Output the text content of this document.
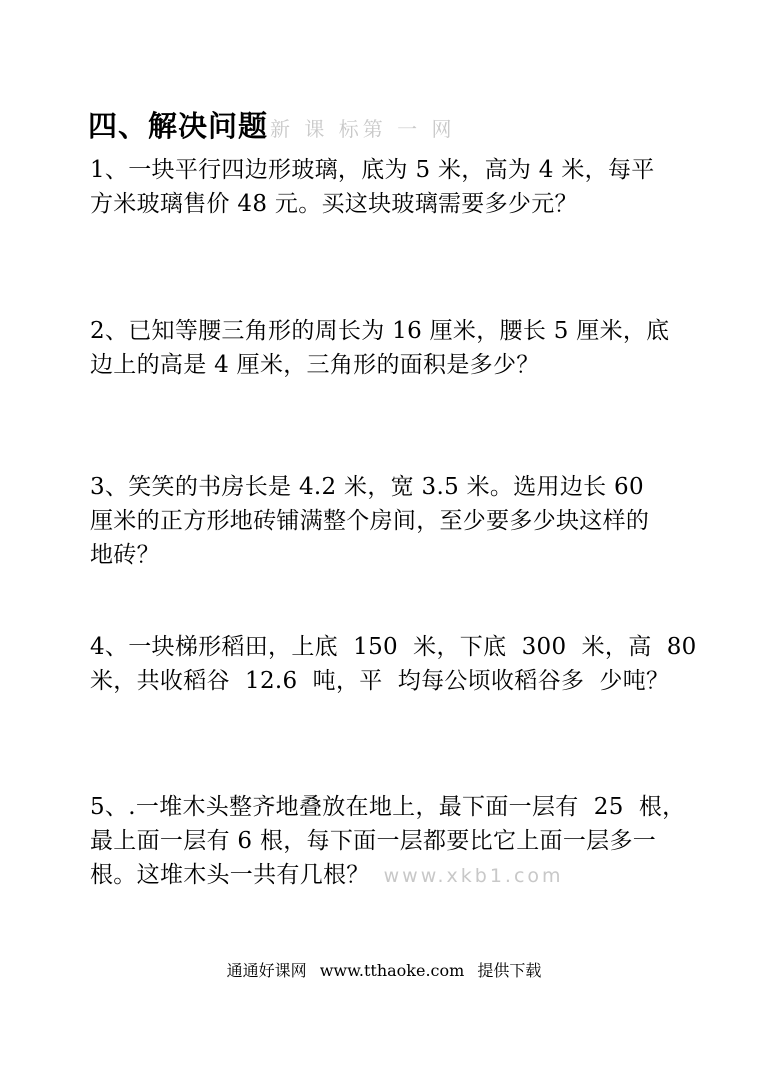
四、解决问题 新 课 标第 一 网
1、一块平行四边形玻璃，底为 5 米，高为 4 米，每平
方米玻璃售价 48 元。买这块玻璃需要多少元？
2、已知等腰三角形的周长为 16 厘米，腰长 5 厘米，底
边上的高是 4 厘米，三角形的面积是多少？
3、笑笑的书房长是 4.2 米，宽 3.5 米。选用边长 60
厘米的正方形地砖铺满整个房间，至少要多少块这样的
地砖？
4、一块梯形稻田，上底  150  米，下底  300  米，高  80
米，共收稻谷  12.6  吨，平  均每公顷收稻谷多  少吨？
5、.一堆木头整齐地叠放在地上，最下面一层有  25  根，
最上面一层有 6 根，每下面一层都要比它上面一层多一
根。这堆木头一共有几根？ www.xkb1.com
通通好课网 www.tthaoke.com 提供下载
